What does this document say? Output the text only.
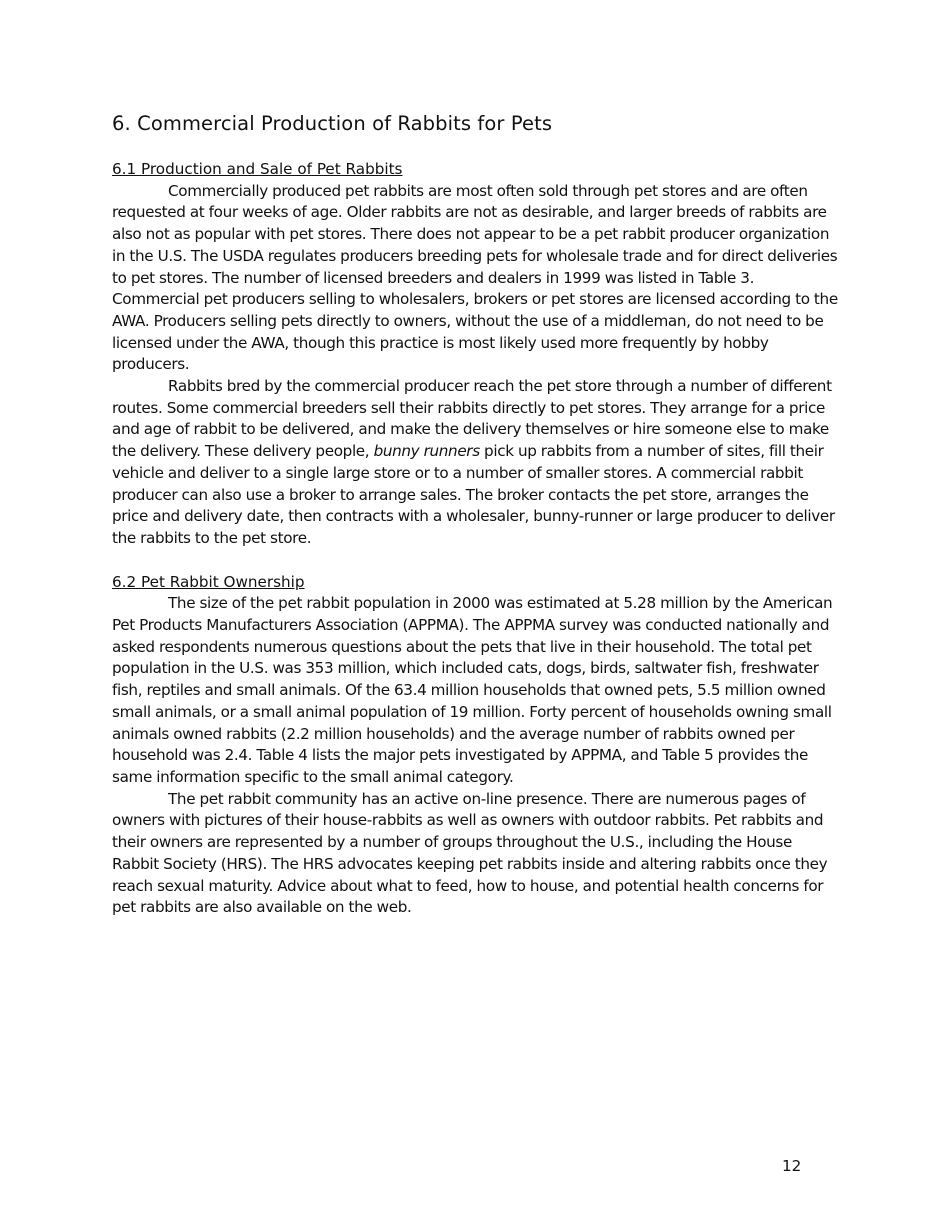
6. Commercial Production of Rabbits for Pets
6.1 Production and Sale of Pet Rabbits

Commercially produced pet rabbits are most often sold through pet stores and are often requested at four weeks of age. Older rabbits are not as desirable, and larger breeds of rabbits are also not as popular with pet stores. There does not appear to be a pet rabbit producer organization in the U.S. The USDA regulates producers breeding pets for wholesale trade and for direct deliveries to pet stores. The number of licensed breeders and dealers in 1999 was listed in Table 3. Commercial pet producers selling to wholesalers, brokers or pet stores are licensed according to the AWA. Producers selling pets directly to owners, without the use of a middleman, do not need to be licensed under the AWA, though this practice is most likely used more frequently by hobby producers.

Rabbits bred by the commercial producer reach the pet store through a number of different routes. Some commercial breeders sell their rabbits directly to pet stores. They arrange for a price and age of rabbit to be delivered, and make the delivery themselves or hire someone else to make the delivery. These delivery people, bunny runners pick up rabbits from a number of sites, fill their vehicle and deliver to a single large store or to a number of smaller stores. A commercial rabbit producer can also use a broker to arrange sales. The broker contacts the pet store, arranges the price and delivery date, then contracts with a wholesaler, bunny-runner or large producer to deliver the rabbits to the pet store.

6.2 Pet Rabbit Ownership

The size of the pet rabbit population in 2000 was estimated at 5.28 million by the American Pet Products Manufacturers Association (APPMA). The APPMA survey was conducted nationally and asked respondents numerous questions about the pets that live in their household. The total pet population in the U.S. was 353 million, which included cats, dogs, birds, saltwater fish, freshwater fish, reptiles and small animals. Of the 63.4 million households that owned pets, 5.5 million owned small animals, or a small animal population of 19 million. Forty percent of households owning small animals owned rabbits (2.2 million households) and the average number of rabbits owned per household was 2.4. Table 4 lists the major pets investigated by APPMA, and Table 5 provides the same information specific to the small animal category.

The pet rabbit community has an active on-line presence. There are numerous pages of owners with pictures of their house-rabbits as well as owners with outdoor rabbits. Pet rabbits and their owners are represented by a number of groups throughout the U.S., including the House Rabbit Society (HRS). The HRS advocates keeping pet rabbits inside and altering rabbits once they reach sexual maturity. Advice about what to feed, how to house, and potential health concerns for pet rabbits are also available on the web.

12
